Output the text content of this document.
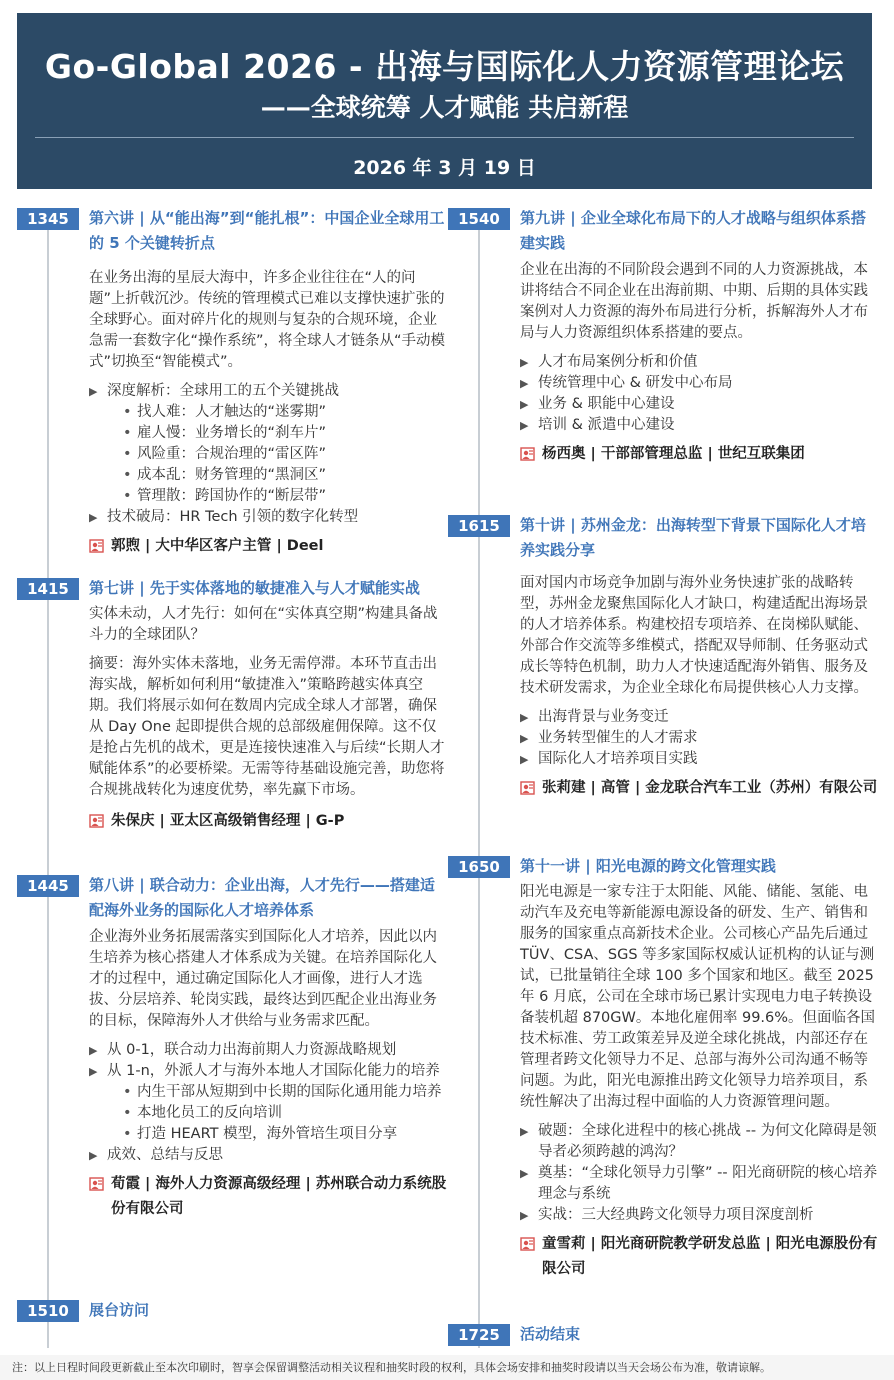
Go-Global 2026 - 出海与国际化人力资源管理论坛
——全球统筹 人才赋能 共启新程
2026 年 3 月 19 日
1345	第六讲 | 从“能出海”到“能扎根”：中国企业全球用工的 5 个关键转折点

在业务出海的星辰大海中，许多企业往往在“人的问题”上折戟沉沙。传统的管理模式已难以支撑快速扩张的全球野心。面对碎片化的规则与复杂的合规环境，企业急需一套数字化“操作系统”，将全球人才链条从“手动模式”切换至“智能模式”。

▶ 深度解析：全球用工的五个关键挑战
• 找人难：人才触达的“迷雾期”
• 雇人慢：业务增长的“刹车片”
• 风险重：合规治理的“雷区阵”
• 成本乱：财务管理的“黑洞区”
• 管理散：跨国协作的“断层带”
▶ 技术破局：HR Tech 引领的数字化转型
郭煦 | 大中华区客户主管 | Deel
1415	第七讲 | 先于实体落地的敏捷准入与人才赋能实战

实体未动，人才先行：如何在“实体真空期”构建具备战斗力的全球团队？

摘要：海外实体未落地，业务无需停滞。本环节直击出海实战，解析如何利用“敏捷准入”策略跨越实体真空期。我们将展示如何在数周内完成全球人才部署，确保从 Day One 起即提供合规的总部级雇佣保障。这不仅是抢占先机的战术，更是连接快速准入与后续“长期人才赋能体系”的必要桥梁。无需等待基础设施完善，助您将合规挑战转化为速度优势，率先赢下市场。

朱保庆 | 亚太区高级销售经理 | G-P
1445	第八讲 | 联合动力：企业出海，人才先行——搭建适配海外业务的国际化人才培养体系

企业海外业务拓展需落实到国际化人才培养，因此以内生培养为核心搭建人才体系成为关键。在培养国际化人才的过程中，通过确定国际化人才画像，进行人才选拔、分层培养、轮岗实践，最终达到匹配企业出海业务的目标，保障海外人才供给与业务需求匹配。

▶ 从 0-1，联合动力出海前期人力资源战略规划
▶ 从 1-n，外派人才与海外本地人才国际化能力的培养
• 内生干部从短期到中长期的国际化通用能力培养
• 本地化员工的反向培训
• 打造 HEART 模型，海外管培生项目分享
▶ 成效、总结与反思
荀霞 | 海外人力资源高级经理 | 苏州联合动力系统股份有限公司
1510	展台访问
1540	第九讲 | 企业全球化布局下的人才战略与组织体系搭建实践

企业在出海的不同阶段会遇到不同的人力资源挑战，本讲将结合不同企业在出海前期、中期、后期的具体实践案例对人力资源的海外布局进行分析，拆解海外人才布局与人力资源组织体系搭建的要点。

▶ 人才布局案例分析和价值
▶ 传统管理中心 & 研发中心布局
▶ 业务 & 职能中心建设
▶ 培训 & 派遣中心建设
杨西奥 | 干部部管理总监 | 世纪互联集团
1615	第十讲 | 苏州金龙：出海转型下背景下国际化人才培养实践分享

面对国内市场竞争加剧与海外业务快速扩张的战略转型，苏州金龙聚焦国际化人才缺口，构建适配出海场景的人才培养体系。构建校招专项培养、在岗梯队赋能、外部合作交流等多维模式，搭配双导师制、任务驱动式成长等特色机制，助力人才快速适配海外销售、服务及技术研发需求，为企业全球化布局提供核心人力支撑。

▶ 出海背景与业务变迁
▶ 业务转型催生的人才需求
▶ 国际化人才培养项目实践
张莉建 | 高管 | 金龙联合汽车工业（苏州）有限公司
1650	第十一讲 | 阳光电源的跨文化管理实践

阳光电源是一家专注于太阳能、风能、储能、氢能、电动汽车及充电等新能源电源设备的研发、生产、销售和服务的国家重点高新技术企业。公司核心产品先后通过 TÜV、CSA、SGS 等多家国际权威认证机构的认证与测试，已批量销往全球 100 多个国家和地区。截至 2025 年 6 月底，公司在全球市场已累计实现电力电子转换设备装机超 870GW。本地化雇佣率 99.6%。但面临各国技术标准、劳工政策差异及逆全球化挑战，内部还存在管理者跨文化领导力不足、总部与海外公司沟通不畅等问题。为此，阳光电源推出跨文化领导力培养项目，系统性解决了出海过程中面临的人力资源管理问题。

▶ 破题：全球化进程中的核心挑战 -- 为何文化障碍是领导者必须跨越的鸿沟？
▶ 奠基：“全球化领导力引擎” -- 阳光商研院的核心培养理念与系统
▶ 实战：三大经典跨文化领导力项目深度剖析
童雪莉 | 阳光商研院教学研发总监 | 阳光电源股份有限公司
1725	活动结束
注：以上日程时间段更新截止至本次印刷时，智享会保留调整活动相关议程和抽奖时段的权利，具体会场安排和抽奖时段请以当天会场公布为准，敬请谅解。
